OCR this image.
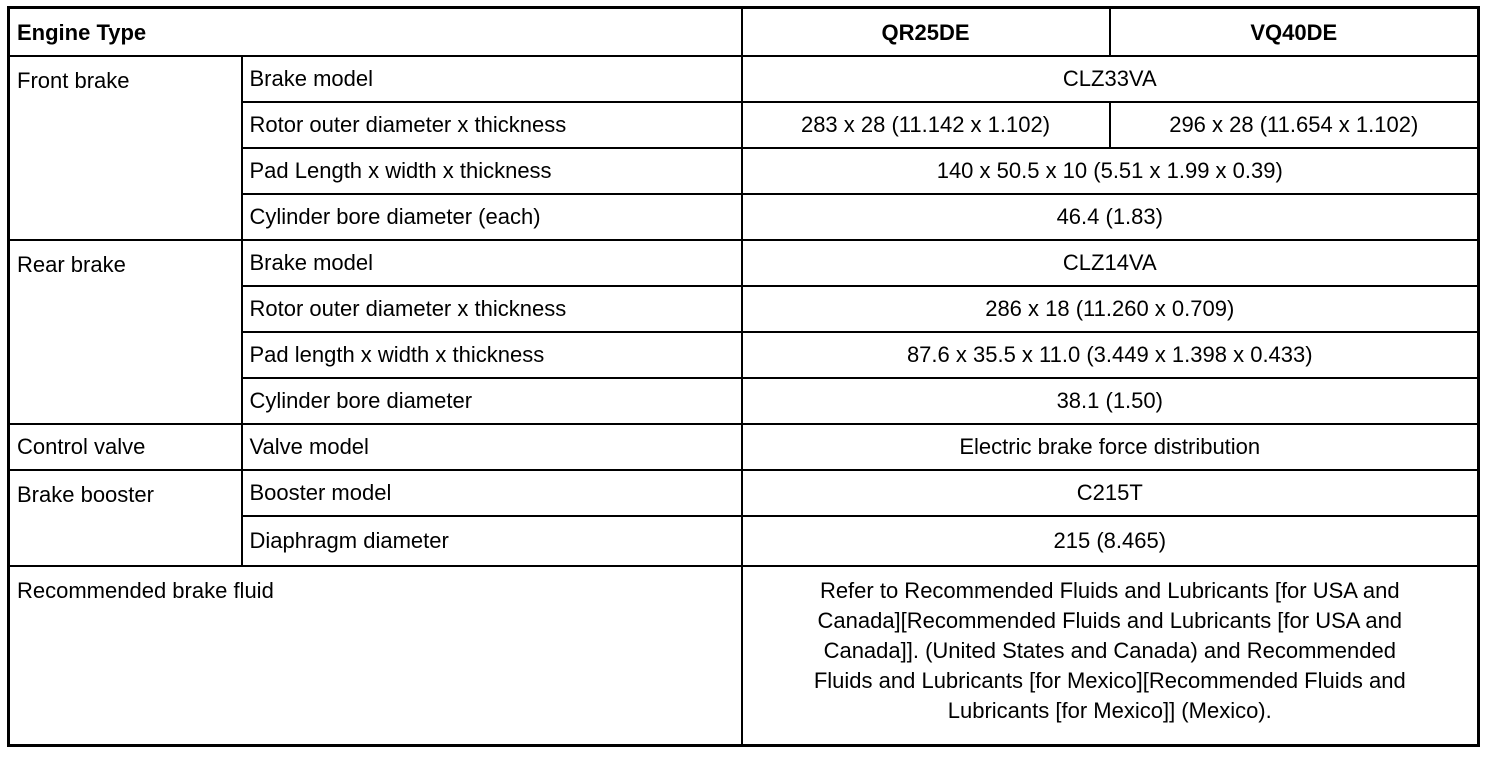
Engine Type		QR25DE	VQ40DE
Front brake	Brake model	CLZ33VA	
	Rotor outer diameter x thickness	283 x 28 (11.142 x 1.102)	296 x 28 (11.654 x 1.102)
	Pad Length x width x thickness	140 x 50.5 x 10 (5.51 x 1.99 x 0.39)	
	Cylinder bore diameter (each)	46.4 (1.83)	
Rear brake	Brake model	CLZ14VA	
	Rotor outer diameter x thickness	286 x 18 (11.260 x 0.709)	
	Pad length x width x thickness	87.6 x 35.5 x 11.0 (3.449 x 1.398 x 0.433)	
	Cylinder bore diameter	38.1 (1.50)	
Control valve	Valve model	Electric brake force distribution	
Brake booster	Booster model	C215T	
	Diaphragm diameter	215 (8.465)	
Recommended brake fluid		Refer to Recommended Fluids and Lubricants [for USA and
Canada][Recommended Fluids and Lubricants [for USA and
Canada]]. (United States and Canada) and Recommended
Fluids and Lubricants [for Mexico][Recommended Fluids and
Lubricants [for Mexico]] (Mexico).	
